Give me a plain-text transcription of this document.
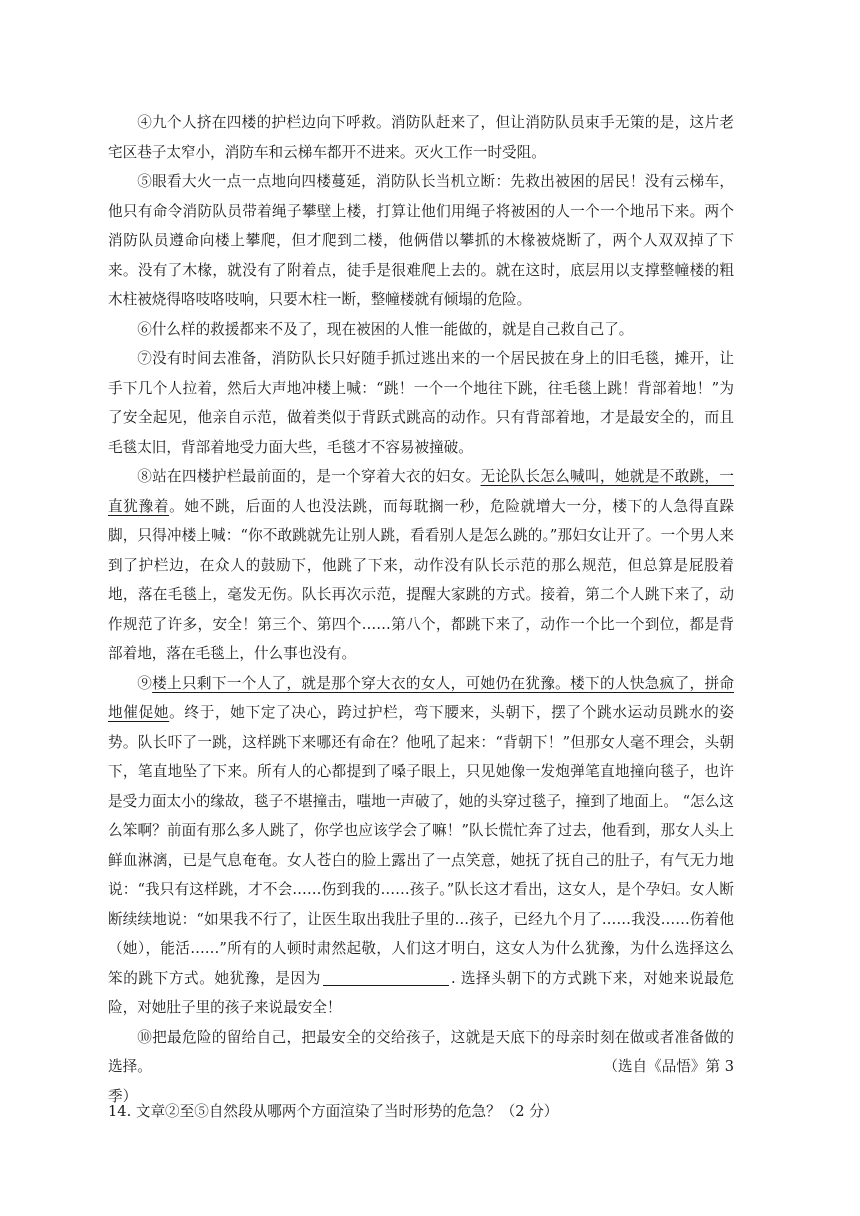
④九个人挤在四楼的护栏边向下呼救。消防队赶来了，但让消防队员束手无策的是，这片老宅区巷子太窄小，消防车和云梯车都开不进来。灭火工作一时受阻。

⑤眼看大火一点一点地向四楼蔓延，消防队长当机立断：先救出被困的居民！没有云梯车，他只有命令消防队员带着绳子攀壁上楼，打算让他们用绳子将被困的人一个一个地吊下来。两个消防队员遵命向楼上攀爬，但才爬到二楼，他俩借以攀抓的木椽被烧断了，两个人双双掉了下来。没有了木椽，就没有了附着点，徒手是很难爬上去的。就在这时，底层用以支撑整幢楼的粗木柱被烧得咯吱咯吱响，只要木柱一断，整幢楼就有倾塌的危险。

⑥什么样的救援都来不及了，现在被困的人惟一能做的，就是自己救自己了。

⑦没有时间去准备，消防队长只好随手抓过逃出来的一个居民披在身上的旧毛毯，摊开，让手下几个人拉着，然后大声地冲楼上喊：“跳！一个一个地往下跳，往毛毯上跳！背部着地！”为了安全起见，他亲自示范，做着类似于背跃式跳高的动作。只有背部着地，才是最安全的，而且毛毯太旧，背部着地受力面大些，毛毯才不容易被撞破。

⑧站在四楼护栏最前面的，是一个穿着大衣的妇女。无论队长怎么喊叫，她就是不敢跳，一直犹豫着。她不跳，后面的人也没法跳，而每耽搁一秒，危险就增大一分，楼下的人急得直跺脚，只得冲楼上喊：“你不敢跳就先让别人跳，看看别人是怎么跳的。”那妇女让开了。一个男人来到了护栏边，在众人的鼓励下，他跳了下来，动作没有队长示范的那么规范，但总算是屁股着地，落在毛毯上，毫发无伤。队长再次示范，提醒大家跳的方式。接着，第二个人跳下来了，动作规范了许多，安全！第三个、第四个……第八个，都跳下来了，动作一个比一个到位，都是背部着地，落在毛毯上，什么事也没有。

⑨楼上只剩下一个人了，就是那个穿大衣的女人，可她仍在犹豫。楼下的人快急疯了，拼命地催促她。终于，她下定了决心，跨过护栏，弯下腰来，头朝下，摆了个跳水运动员跳水的姿势。队长吓了一跳，这样跳下来哪还有命在？他吼了起来：“背朝下！”但那女人毫不理会，头朝下，笔直地坠了下来。所有人的心都提到了嗓子眼上，只见她像一发炮弹笔直地撞向毯子，也许是受力面太小的缘故，毯子不堪撞击，嗤地一声破了，她的头穿过毯子，撞到了地面上。 “怎么这么笨啊？前面有那么多人跳了，你学也应该学会了嘛！”队长慌忙奔了过去，他看到，那女人头上鲜血淋漓，已是气息奄奄。女人苍白的脸上露出了一点笑意，她抚了抚自己的肚子，有气无力地说：“我只有这样跳，才不会……伤到我的……孩子。”队长这才看出，这女人，是个孕妇。女人断断续续地说：“如果我不行了，让医生取出我肚子里的…孩子，已经九个月了……我没……伤着他（她），能活……”所有的人顿时肃然起敬，人们这才明白，这女人为什么犹豫，为什么选择这么笨的跳下方式。她犹豫，是因为	. 选择头朝下的方式跳下来，对她来说最危险，对她肚子里的孩子来说最安全！

⑩把最危险的留给自己，把最安全的交给孩子，这就是天底下的母亲时刻在做或者准备做的选择。	（选自《品悟》第 3

季）

14. 文章②至⑤自然段从哪两个方面渲染了当时形势的危急？（2 分）
